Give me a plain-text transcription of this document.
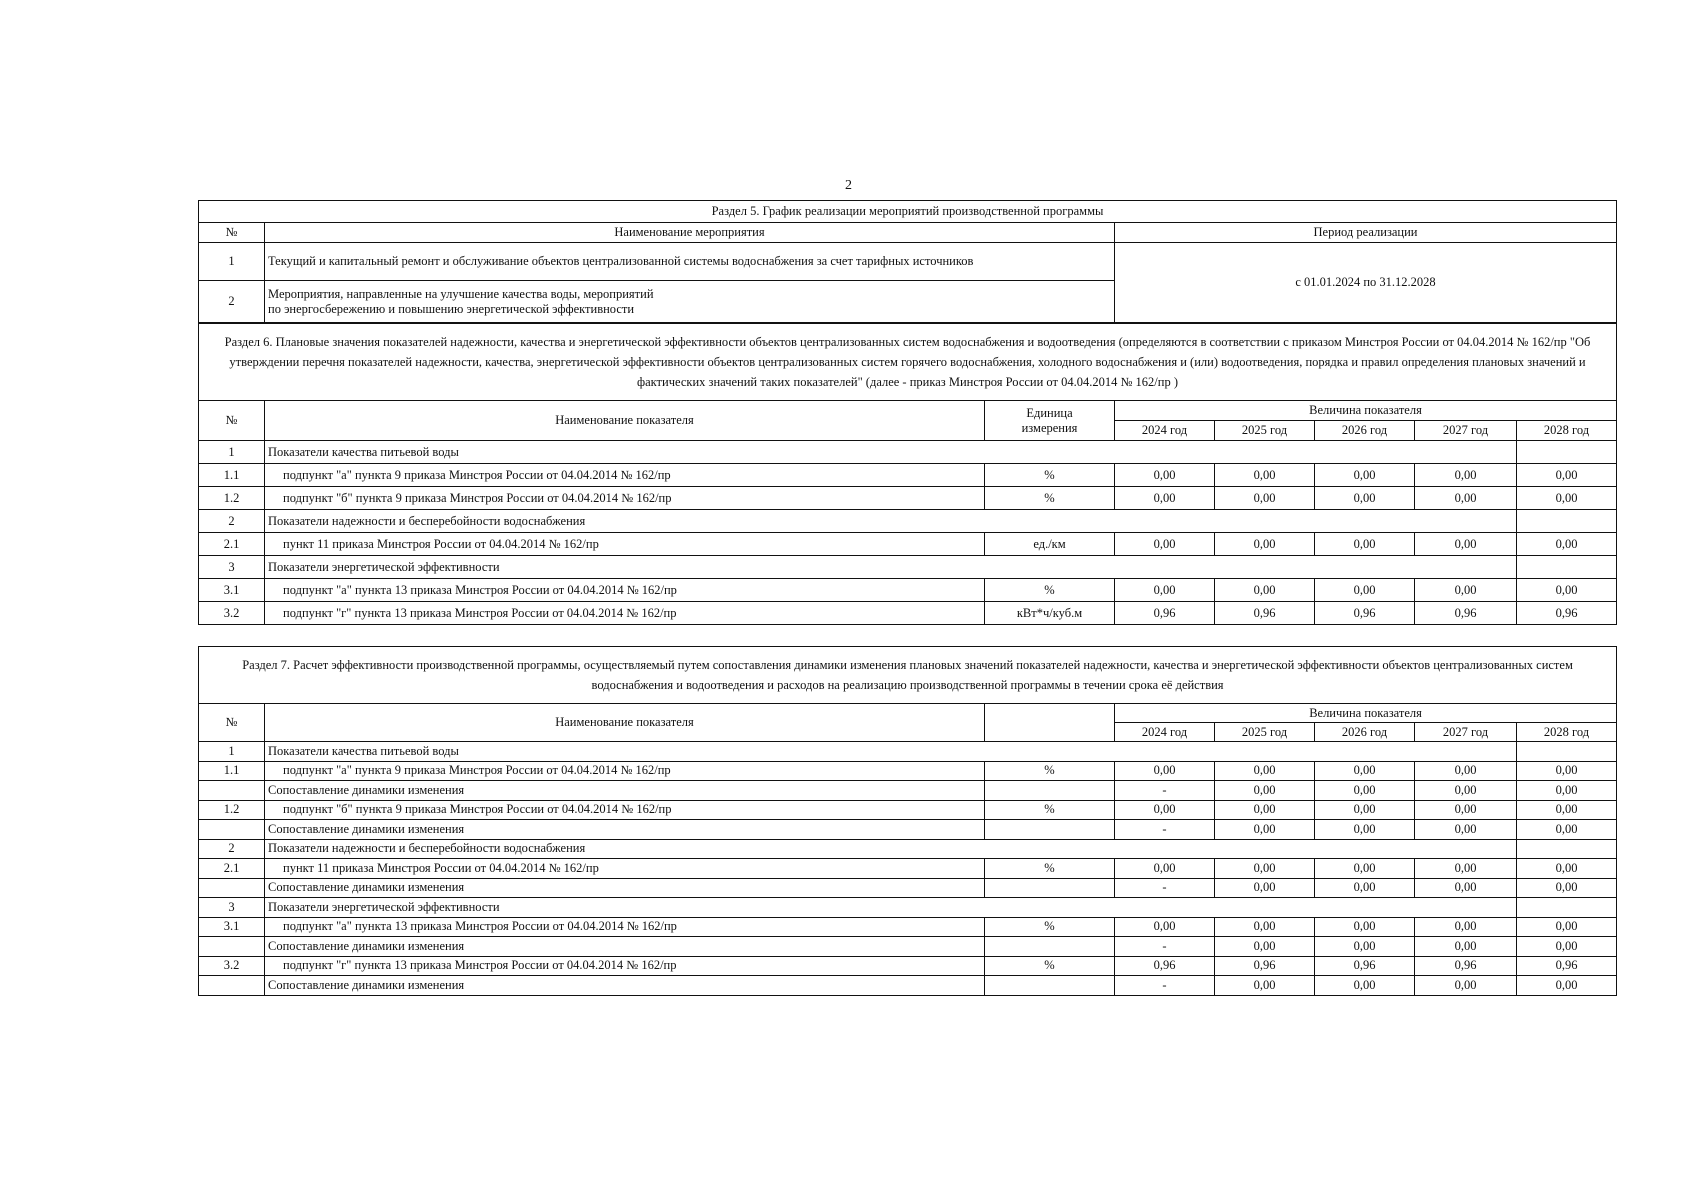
2
Раздел 5. График реализации мероприятий производственной программы		
№	Наименование мероприятия	Период реализации
1	Текущий и капитальный ремонт и обслуживание объектов централизованной системы водоснабжения за счет тарифных источников	с 01.01.2024 по 31.12.2028
2	Мероприятия, направленные на улучшение качества воды, мероприятий
по энергосбережению и повышению энергетической эффективности	
Раздел 6. Плановые значения показателей надежности, качества и энергетической эффективности объектов централизованных систем водоснабжения и водоотведения (определяются в соответствии с приказом Минстроя России от 04.04.2014 № 162/пр "Об утверждении перечня показателей надежности, качества, энергетической эффективности объектов централизованных систем горячего водоснабжения, холодного водоснабжения и (или) водоотведения, порядка и правил определения плановых значений и фактических значений таких показателей" (далее - приказ Минстроя России от 04.04.2014 № 162/пр )							
№	Наименование показателя	Единица
измерения	Величина показателя				
			2024 год	2025 год	2026 год	2027 год	2028 год
1	Показатели качества питьевой воды						
1.1	подпункт "а" пункта 9 приказа Минстроя России от 04.04.2014 № 162/пр	%	0,00	0,00	0,00	0,00	0,00
1.2	подпункт "б" пункта 9 приказа Минстроя России от 04.04.2014 № 162/пр	%	0,00	0,00	0,00	0,00	0,00
2	Показатели надежности и бесперебойности водоснабжения						
2.1	пункт 11 приказа Минстроя России от 04.04.2014 № 162/пр	ед./км	0,00	0,00	0,00	0,00	0,00
3	Показатели энергетической эффективности						
3.1	подпункт "а" пункта 13 приказа Минстроя России от 04.04.2014 № 162/пр	%	0,00	0,00	0,00	0,00	0,00
3.2	подпункт "г" пункта 13 приказа Минстроя России от 04.04.2014 № 162/пр	кВт*ч/куб.м	0,96	0,96	0,96	0,96	0,96
Раздел 7. Расчет эффективности производственной программы, осуществляемый путем сопоставления динамики изменения плановых значений показателей надежности, качества и энергетической эффективности объектов централизованных систем водоснабжения и водоотведения и расходов на реализацию производственной программы в течении срока её действия							
№	Наименование показателя		Величина показателя				
			2024 год	2025 год	2026 год	2027 год	2028 год
1	Показатели качества питьевой воды						
1.1	подпункт "а" пункта 9 приказа Минстроя России от 04.04.2014 № 162/пр	%	0,00	0,00	0,00	0,00	0,00
	Сопоставление динамики изменения		-	0,00	0,00	0,00	0,00
1.2	подпункт "б" пункта 9 приказа Минстроя России от 04.04.2014 № 162/пр	%	0,00	0,00	0,00	0,00	0,00
	Сопоставление динамики изменения		-	0,00	0,00	0,00	0,00
2	Показатели надежности и бесперебойности водоснабжения						
2.1	пункт 11 приказа Минстроя России от 04.04.2014 № 162/пр	%	0,00	0,00	0,00	0,00	0,00
	Сопоставление динамики изменения		-	0,00	0,00	0,00	0,00
3	Показатели энергетической эффективности						
3.1	подпункт "а" пункта 13 приказа Минстроя России от 04.04.2014 № 162/пр	%	0,00	0,00	0,00	0,00	0,00
	Сопоставление динамики изменения		-	0,00	0,00	0,00	0,00
3.2	подпункт "г" пункта 13 приказа Минстроя России от 04.04.2014 № 162/пр	%	0,96	0,96	0,96	0,96	0,96
	Сопоставление динамики изменения		-	0,00	0,00	0,00	0,00
